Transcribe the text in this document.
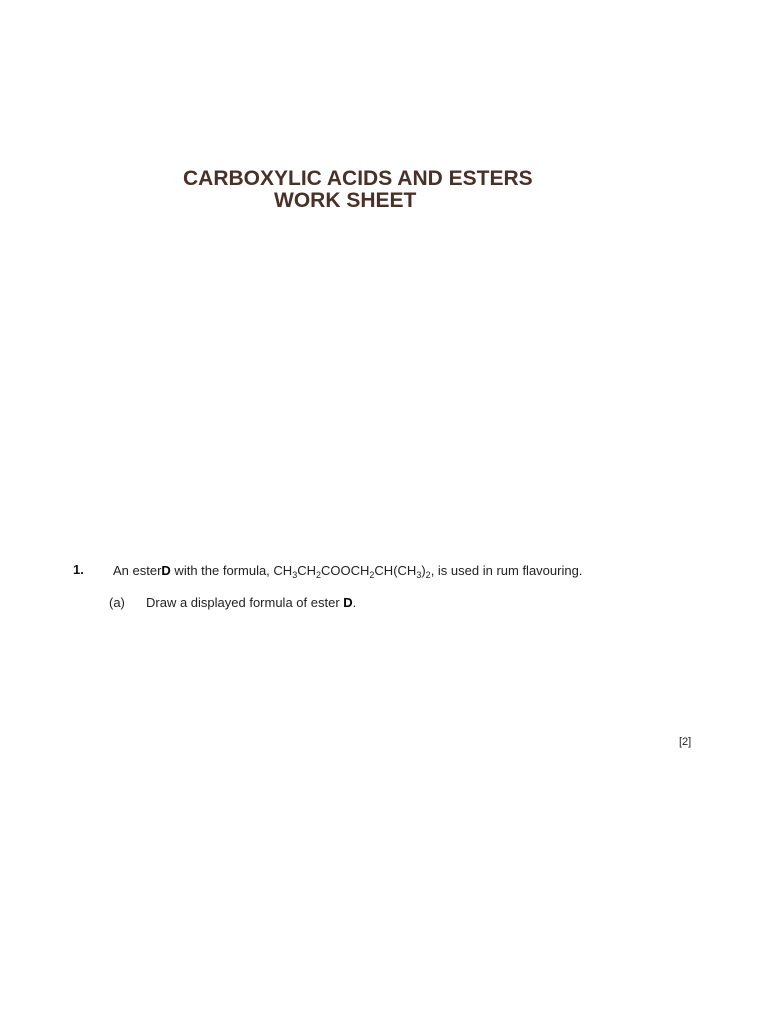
CARBOXYLIC ACIDS AND ESTERS
WORK SHEET
1. An esterD with the formula, $CH_3CH_2COOCH_2CH(CH_3)_2$, is used in rum flavouring.
(a) Draw a displayed formula of ester D.
[2]
